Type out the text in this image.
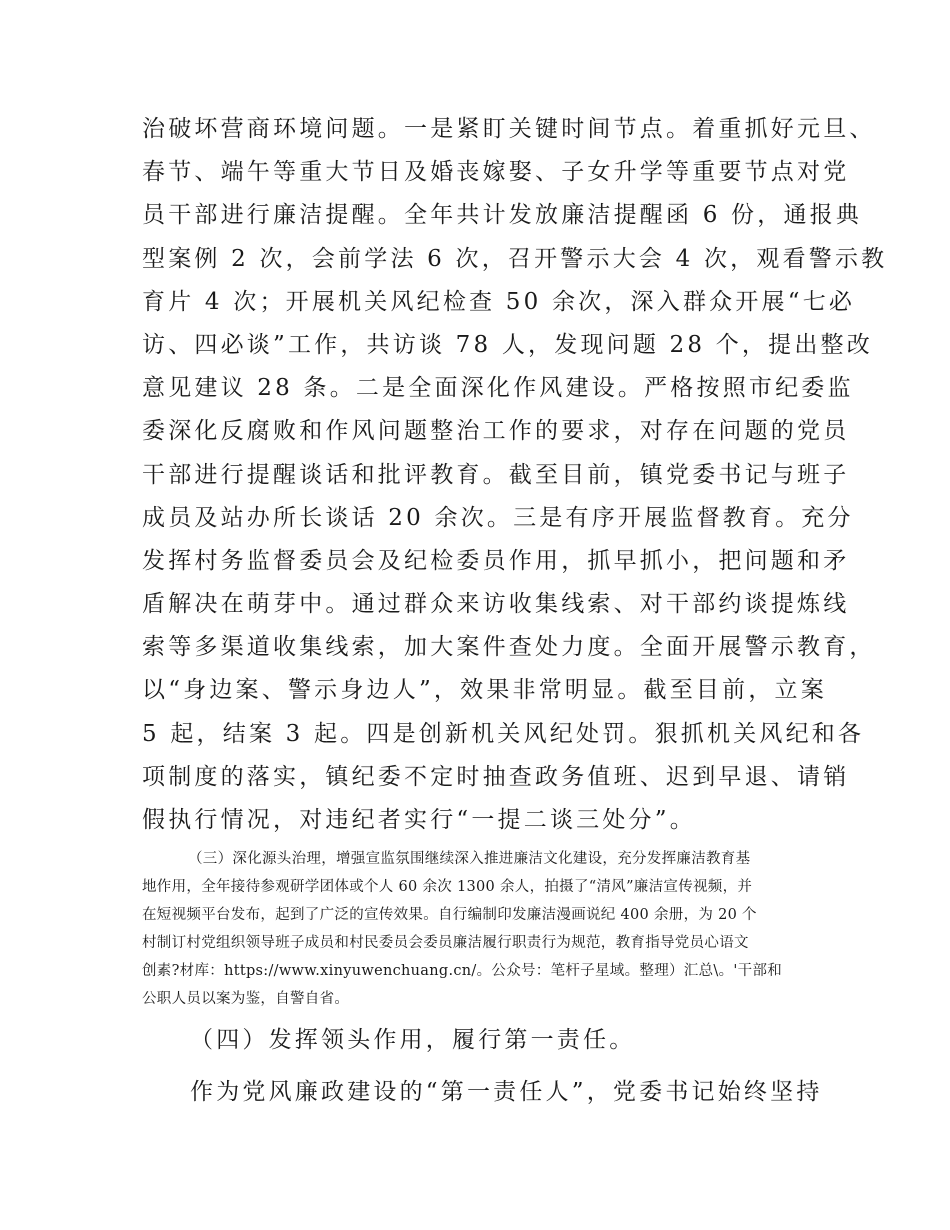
治破坏营商环境问题。一是紧盯关键时间节点。着重抓好元旦、
春节、端午等重大节日及婚丧嫁娶、子女升学等重要节点对党
员干部进行廉洁提醒。全年共计发放廉洁提醒函 6 份，通报典
型案例 2 次，会前学法 6 次，召开警示大会 4 次，观看警示教
育片 4 次；开展机关风纪检查 50 余次，深入群众开展“七必
访、四必谈”工作，共访谈 78 人，发现问题 28 个，提出整改
意见建议 28 条。二是全面深化作风建设。严格按照市纪委监
委深化反腐败和作风问题整治工作的要求，对存在问题的党员
干部进行提醒谈话和批评教育。截至目前，镇党委书记与班子
成员及站办所长谈话 20 余次。三是有序开展监督教育。充分
发挥村务监督委员会及纪检委员作用，抓早抓小，把问题和矛
盾解决在萌芽中。通过群众来访收集线索、对干部约谈提炼线
索等多渠道收集线索，加大案件查处力度。全面开展警示教育，
以“身边案、警示身边人”，效果非常明显。截至目前，立案
5 起，结案 3 起。四是创新机关风纪处罚。狠抓机关风纪和各
项制度的落实，镇纪委不定时抽查政务值班、迟到早退、请销
假执行情况，对违纪者实行“一提二谈三处分”。
（三）深化源头治理，增强宣监氛围继续深入推进廉洁文化建设，充分发挥廉洁教育基
地作用，全年接待参观研学团体或个人 60 余次 1300 余人，拍摄了“清风”廉洁宣传视频，并
在短视频平台发布，起到了广泛的宣传效果。自行编制印发廉洁漫画说纪 400 余册，为 20 个
村制订村党组织领导班子成员和村民委员会委员廉洁履行职责行为规范，教育指导党员心语文
创素?材库：https://www.xinyuwenchuang.cn/。公众号：笔杆子星域。整理）汇总\。'干部和
公职人员以案为鉴，自警自省。

（四）发挥领头作用，履行第一责任。

作为党风廉政建设的“第一责任人”，党委书记始终坚持
